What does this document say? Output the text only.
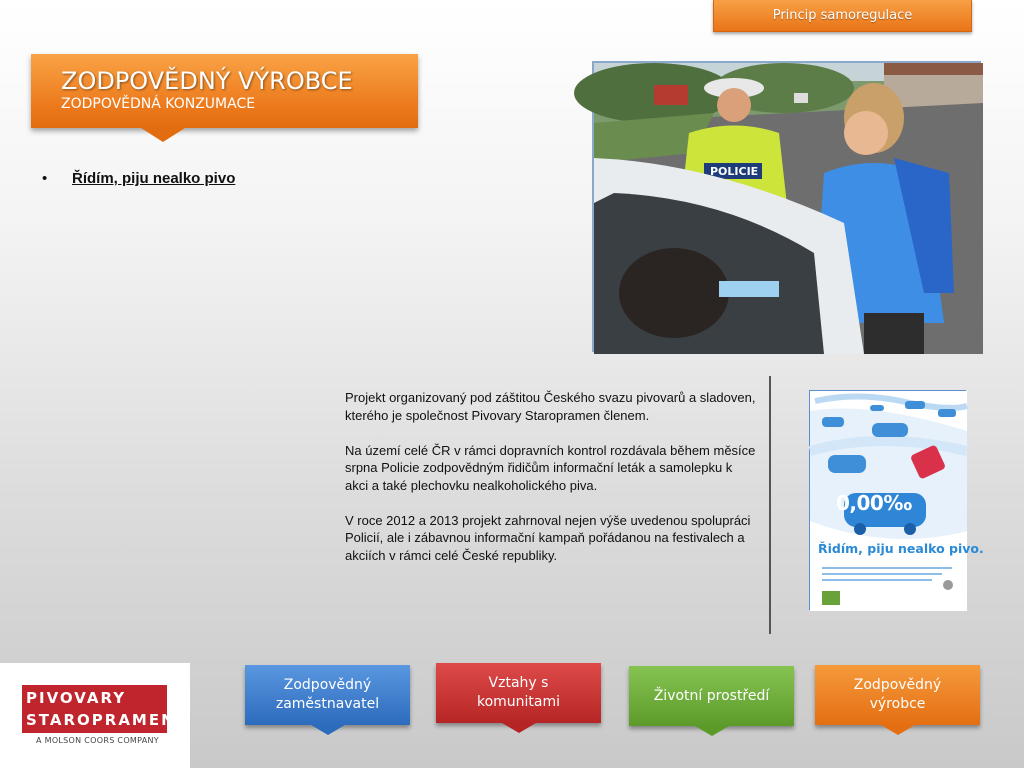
Princip samoregulace
ZODPOVĚDNÝ VÝROBCE
ZODPOVĚDNÁ KONZUMACE
•	Řídím, piju nealko pivo	POLICIE

Projekt organizovaný pod záštitou Českého svazu pivovarů a sladoven, kterého je společnost Pivovary Staropramen členem.

Na území celé ČR v rámci dopravních kontrol rozdávala během měsíce srpna Policie zodpovědným řidičům informační leták a samolepku k akci a také plechovku nealkoholického piva.

V roce 2012 a 2013 projekt zahrnoval nejen výše uvedenou spolupráci Policií, ale i zábavnou informační kampaň pořádanou na festivalech a akciích v rámci celé České republiky.

0,00‰
Řidím, piju nealko pivo.
PIVOVARY
STAROPRAMEN
A MOLSON COORS COMPANY
Zodpovědný zaměstnavatel
Vztahy s komunitami	Životní prostředí
Zodpovědný výrobce
